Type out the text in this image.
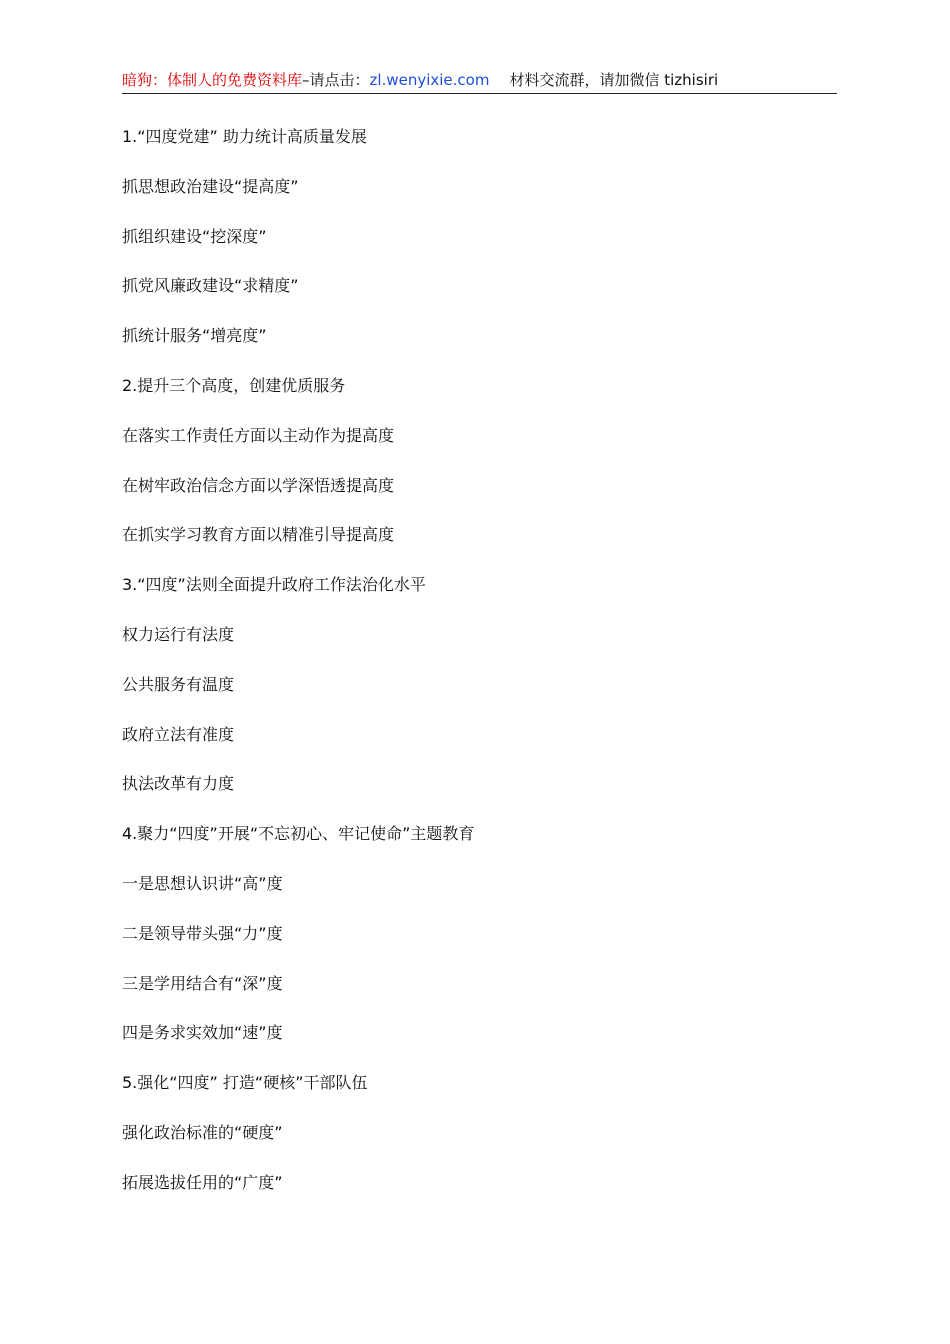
暗狗：体制人的免费资料库–请点击：zl.wenyixie.com 材料交流群，请加微信 tizhisiri
1.“四度党建” 助力统计高质量发展
抓思想政治建设“提高度”
抓组织建设“挖深度”
抓党风廉政建设“求精度”
抓统计服务“增亮度”
2.提升三个高度，创建优质服务
在落实工作责任方面以主动作为提高度
在树牢政治信念方面以学深悟透提高度
在抓实学习教育方面以精准引导提高度
3.“四度”法则全面提升政府工作法治化水平
权力运行有法度
公共服务有温度
政府立法有准度
执法改革有力度
4.聚力“四度”开展“不忘初心、牢记使命”主题教育
一是思想认识讲“高”度
二是领导带头强“力”度
三是学用结合有“深”度
四是务求实效加“速”度
5.强化“四度” 打造“硬核”干部队伍
强化政治标准的“硬度”
拓展选拔任用的“广度”
